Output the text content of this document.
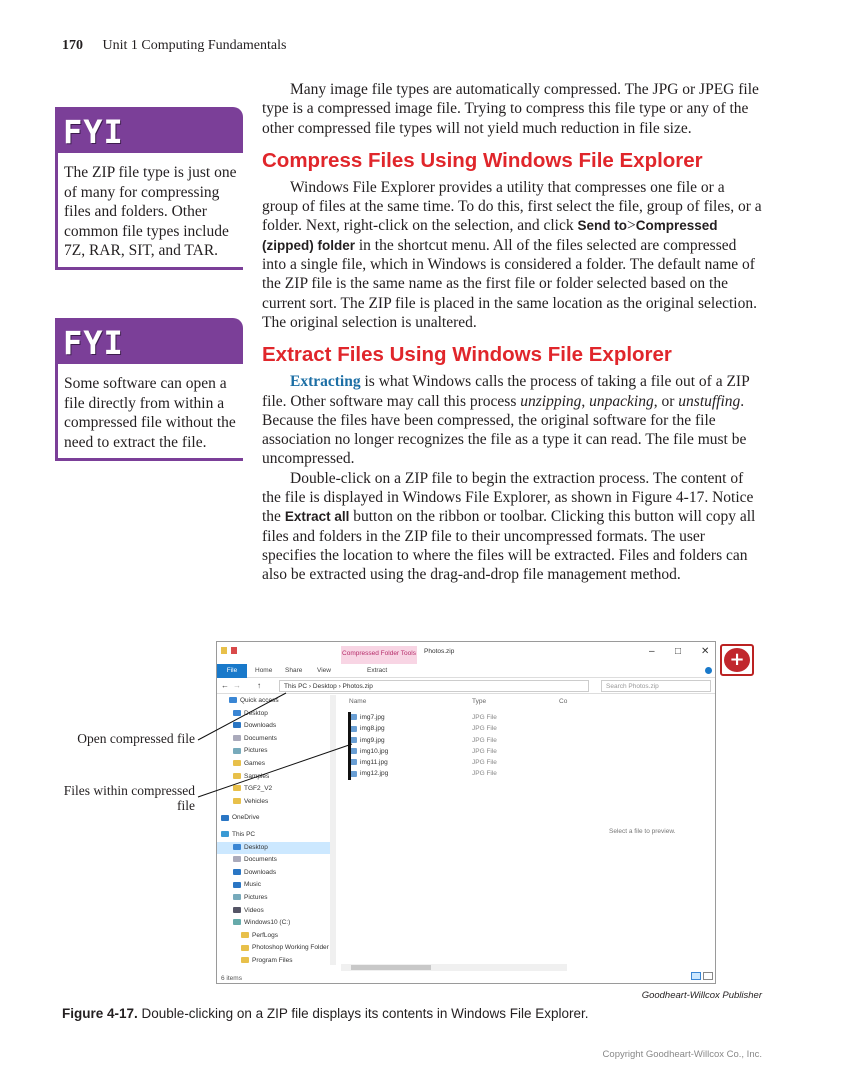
170 Unit 1 Computing Fundamentals
FYI
The ZIP file type is just one of many for compressing files and folders. Other common file types include 7Z, RAR, SIT, and TAR.
FYI
Some software can open a file directly from within a compressed file without the need to extract the file.

Many image file types are automatically compressed. The JPG or JPEG file type is a compressed image file. Trying to compress this file type or any of the other compressed file types will not yield much reduction in file size.

Compress Files Using Windows File Explorer

Windows File Explorer provides a utility that compresses one file or a group of files at the same time. To do this, first select the file, group of files, or a folder. Next, right-click on the selection, and click Send to>Compressed (zipped) folder in the shortcut menu. All of the files selected are compressed into a single file, which in Windows is considered a folder. The default name of the ZIP file is the same name as the first file or folder selected based on the current sort. The ZIP file is placed in the same location as the original selection. The original selection is unaltered.

Extract Files Using Windows File Explorer

Extracting is what Windows calls the process of taking a file out of a ZIP file. Other software may call this process unzipping, unpacking, or unstuffing. Because the files have been compressed, the original software for the file association no longer recognizes the file as a type it can read. The file must be uncompressed.

Double-click on a ZIP file to begin the extraction process. The content of the file is displayed in Windows File Explorer, as shown in Figure 4-17. Notice the Extract all button on the ribbon or toolbar. Clicking this button will copy all files and folders in the ZIP file to their uncompressed formats. The user specifies the location to where the files will be extracted. Files and folders can also be extracted using the drag-and-drop file management method.

Compressed Folder Tools Photos.zip	– □ ✕
File	Home Share View	Extract
← → ↑	This PC › Desktop › Photos.zip	Search Photos.zip
Quick access
Desktop
Downloads
Documents
Pictures
Games
Samples
TGF2_V2
Vehicles
OneDrive
This PC
Desktop
Documents
Downloads
Music
Pictures
Videos
Windows10 (C:)
PerfLogs
Photoshop Working Folder
Program Files
Name	Type	Co
img7.jpg	JPG File
img8.jpg	JPG File
img9.jpg	JPG File
img10.jpg	JPG File
img11.jpg	JPG File
img12.jpg	JPG File
Select a file to preview.
6 items
+
Open compressed file
Files within compressed file
Goodheart-Willcox Publisher
Figure 4-17. Double-clicking on a ZIP file displays its contents in Windows File Explorer.
Copyright Goodheart-Willcox Co., Inc.
